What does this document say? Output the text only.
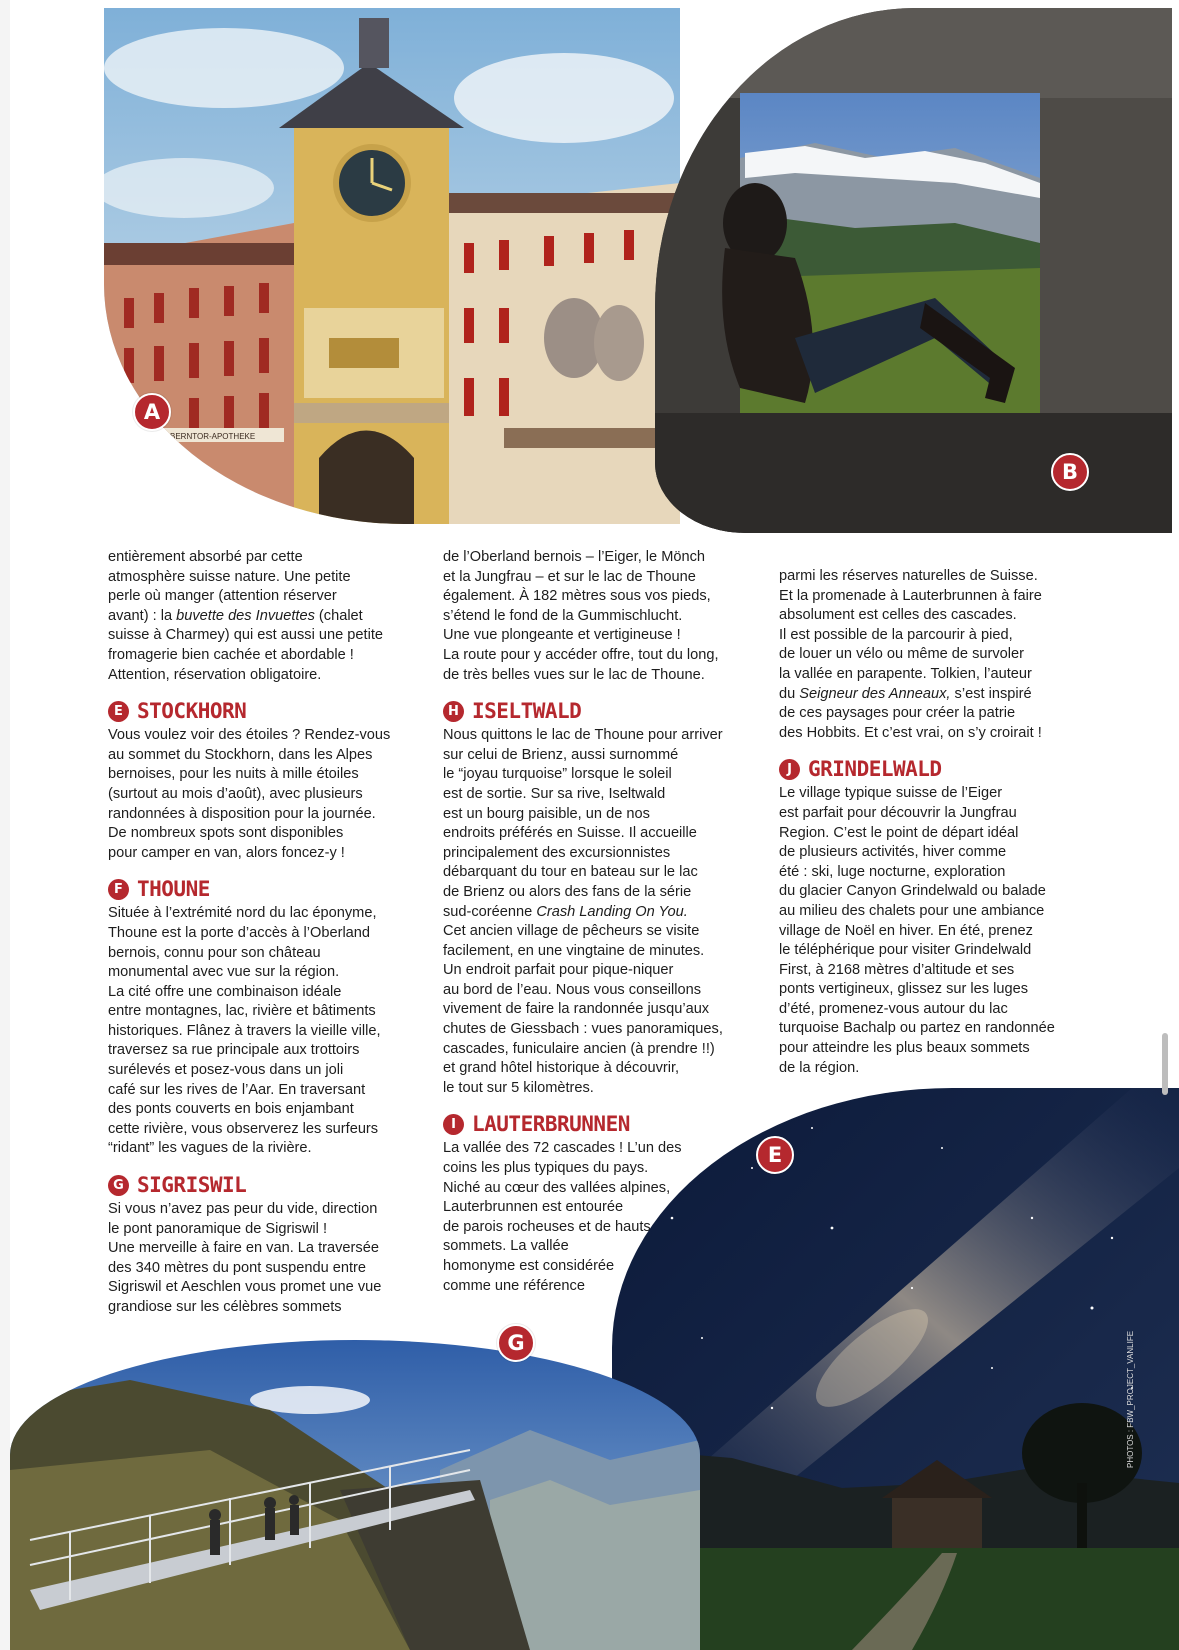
BERNTOR-APOTHEKE
A
B
E
G

entièrement absorbé par cette
atmosphère suisse nature. Une petite
perle où manger (attention réserver
avant) : la buvette des Invuettes (chalet
suisse à Charmey) qui est aussi une petite
fromagerie bien cachée et abordable !
Attention, réservation obligatoire.

E STOCKHORN

Vous voulez voir des étoiles ? Rendez-vous
au sommet du Stockhorn, dans les Alpes
bernoises, pour les nuits à mille étoiles
(surtout au mois d’août), avec plusieurs
randonnées à disposition pour la journée.
De nombreux spots sont disponibles
pour camper en van, alors foncez-y !

F THOUNE

Située à l’extrémité nord du lac éponyme,
Thoune est la porte d’accès à l’Oberland
bernois, connu pour son château
monumental avec vue sur la région.
La cité offre une combinaison idéale
entre montagnes, lac, rivière et bâtiments
historiques. Flânez à travers la vieille ville,
traversez sa rue principale aux trottoirs
surélevés et posez-vous dans un joli
café sur les rives de l’Aar. En traversant
des ponts couverts en bois enjambant
cette rivière, vous observerez les surfeurs
“ridant” les vagues de la rivière.

G SIGRISWIL

Si vous n’avez pas peur du vide, direction
le pont panoramique de Sigriswil !
Une merveille à faire en van. La traversée
des 340 mètres du pont suspendu entre
Sigriswil et Aeschlen vous promet une vue
grandiose sur les célèbres sommets

de l’Oberland bernois – l’Eiger, le Mönch
et la Jungfrau – et sur le lac de Thoune
également. À 182 mètres sous vos pieds,
s’étend le fond de la Gummischlucht.
Une vue plongeante et vertigineuse !
La route pour y accéder offre, tout du long,
de très belles vues sur le lac de Thoune.

H ISELTWALD

Nous quittons le lac de Thoune pour arriver
sur celui de Brienz, aussi surnommé
le “joyau turquoise” lorsque le soleil
est de sortie. Sur sa rive, Iseltwald
est un bourg paisible, un de nos
endroits préférés en Suisse. Il accueille
principalement des excursionnistes
débarquant du tour en bateau sur le lac
de Brienz ou alors des fans de la série
sud-coréenne Crash Landing On You.
Cet ancien village de pêcheurs se visite
facilement, en une vingtaine de minutes.
Un endroit parfait pour pique-niquer
au bord de l’eau. Nous vous conseillons
vivement de faire la randonnée jusqu’aux
chutes de Giessbach : vues panoramiques,
cascades, funiculaire ancien (à prendre !!)
et grand hôtel historique à découvrir,
le tout sur 5 kilomètres.

I LAUTERBRUNNEN

La vallée des 72 cascades ! L’un des
coins les plus typiques du pays.
Niché au cœur des vallées alpines,
Lauterbrunnen est entourée
de parois rocheuses et de hauts
sommets. La vallée
homonyme est considérée
comme une référence

parmi les réserves naturelles de Suisse.
Et la promenade à Lauterbrunnen à faire
absolument est celles des cascades.
Il est possible de la parcourir à pied,
de louer un vélo ou même de survoler
la vallée en parapente. Tolkien, l’auteur
du Seigneur des Anneaux, s’est inspiré
de ces paysages pour créer la patrie
des Hobbits. Et c’est vrai, on s’y croirait !

J GRINDELWALD

Le village typique suisse de l’Eiger
est parfait pour découvrir la Jungfrau
Region. C’est le point de départ idéal
de plusieurs activités, hiver comme
été : ski, luge nocturne, exploration
du glacier Canyon Grindelwald ou balade
au milieu des chalets pour une ambiance
village de Noël en hiver. En été, prenez
le téléphérique pour visiter Grindelwald
First, à 2168 mètres d’altitude et ses
ponts vertigineux, glissez sur les luges
d’été, promenez-vous autour du lac
turquoise Bachalp ou partez en randonnée
pour atteindre les plus beaux sommets
de la région.

PHOTOS : FBW_PROJECT_VANLIFE
